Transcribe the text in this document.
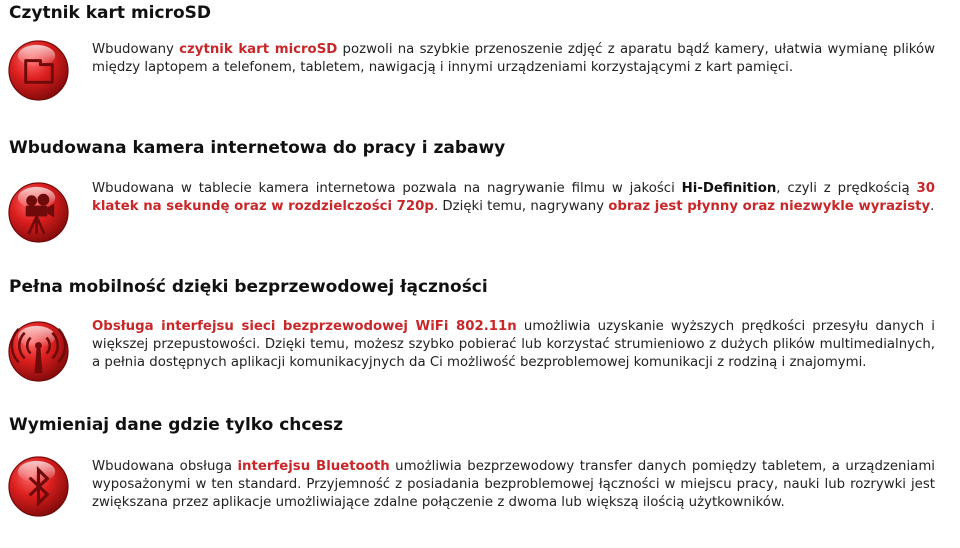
Czytnik kart microSD

Wbudowany czytnik kart microSD pozwoli na szybkie przenoszenie zdjęć z aparatu bądź kamery, ułatwia wymianę plików między laptopem a telefonem, tabletem, nawigacją i innymi urządzeniami korzystającymi z kart pamięci.

Wbudowana kamera internetowa do pracy i zabawy

Wbudowana w tablecie kamera internetowa pozwala na nagrywanie filmu w jakości Hi-Definition, czyli z prędkością 30 klatek na sekundę oraz w rozdzielczości 720p. Dzięki temu, nagrywany obraz jest płynny oraz niezwykle wyrazisty.

Pełna mobilność dzięki bezprzewodowej łączności

Obsługa interfejsu sieci bezprzewodowej WiFi 802.11n umożliwia uzyskanie wyższych prędkości przesyłu danych i większej przepustowości. Dzięki temu, możesz szybko pobierać lub korzystać strumieniowo z dużych plików multimedialnych, a pełnia dostępnych aplikacji komunikacyjnych da Ci możliwość bezproblemowej komunikacji z rodziną i znajomymi.

Wymieniaj dane gdzie tylko chcesz

Wbudowana obsługa interfejsu Bluetooth umożliwia bezprzewodowy transfer danych pomiędzy tabletem, a urządzeniami wyposażonymi w ten standard. Przyjemność z posiadania bezproblemowej łączności w miejscu pracy, nauki lub rozrywki jest zwiększana przez aplikacje umożliwiające zdalne połączenie z dwoma lub większą ilością użytkowników.
